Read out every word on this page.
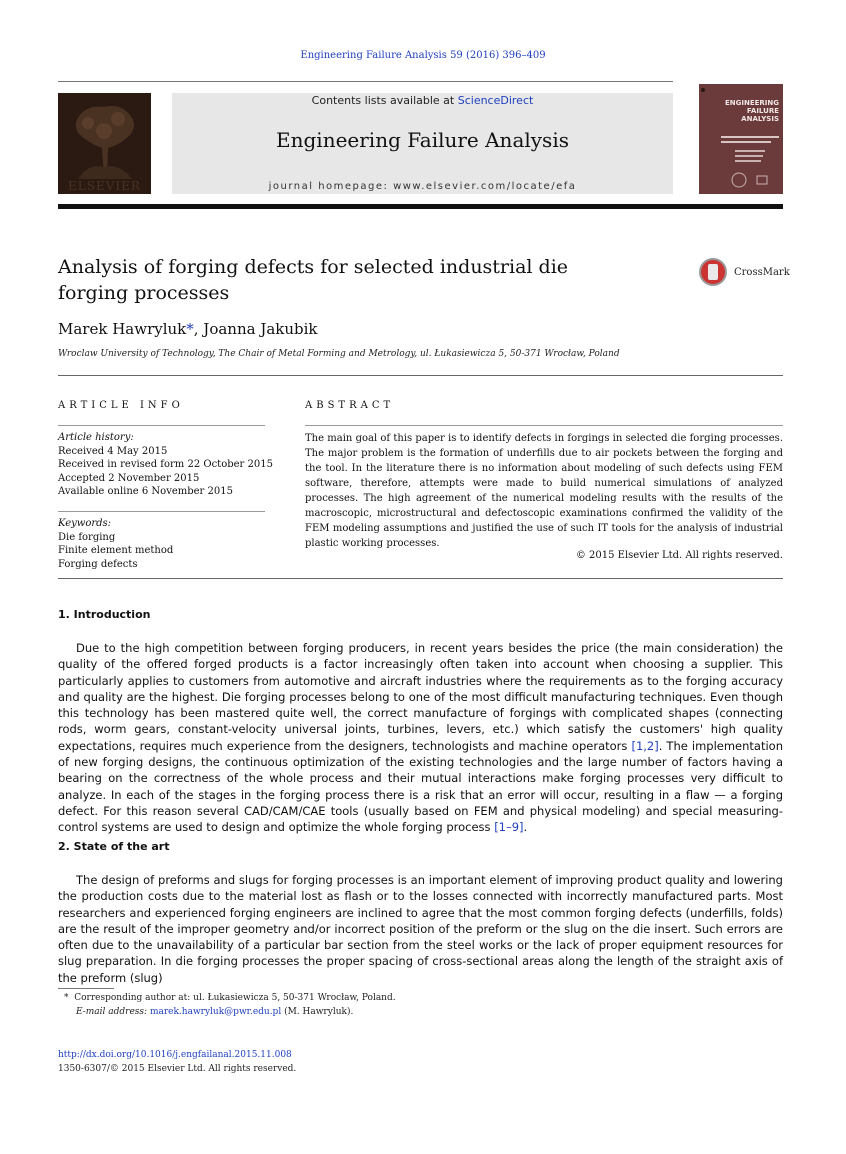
Engineering Failure Analysis 59 (2016) 396–409
ELSEVIER
Contents lists available at ScienceDirect
Engineering Failure Analysis
journal homepage: www.elsevier.com/locate/efa
ENGINEERING FAILURE ANALYSIS
Analysis of forging defects for selected industrial die forging processes
CrossMark
Marek Hawryluk*, Joanna Jakubik
Wroclaw University of Technology, The Chair of Metal Forming and Metrology, ul. Łukasiewicza 5, 50-371 Wrocław, Poland
ARTICLE INFO
Article history:
Received 4 May 2015
Received in revised form 22 October 2015
Accepted 2 November 2015
Available online 6 November 2015
Keywords:
Die forging
Finite element method
Forging defects
ABSTRACT
The main goal of this paper is to identify defects in forgings in selected die forging processes. The major problem is the formation of underfills due to air pockets between the forging and the tool. In the literature there is no information about modeling of such defects using FEM software, therefore, attempts were made to build numerical simulations of analyzed processes. The high agreement of the numerical modeling results with the results of the macroscopic, microstructural and defectoscopic examinations confirmed the validity of the FEM modeling assumptions and justified the use of such IT tools for the analysis of industrial plastic working processes.
© 2015 Elsevier Ltd. All rights reserved.
1. Introduction
Due to the high competition between forging producers, in recent years besides the price (the main consideration) the quality of the offered forged products is a factor increasingly often taken into account when choosing a supplier. This particularly applies to customers from automotive and aircraft industries where the requirements as to the forging accuracy and quality are the highest. Die forging processes belong to one of the most difficult manufacturing techniques. Even though this technology has been mastered quite well, the correct manufacture of forgings with complicated shapes (connecting rods, worm gears, constant-velocity universal joints, turbines, levers, etc.) which satisfy the customers' high quality expectations, requires much experience from the designers, technologists and machine operators [1,2]. The implementation of new forging designs, the continuous optimization of the existing technologies and the large number of factors having a bearing on the correctness of the whole process and their mutual interactions make forging processes very difficult to analyze. In each of the stages in the forging process there is a risk that an error will occur, resulting in a flaw — a forging defect. For this reason several CAD/CAM/CAE tools (usually based on FEM and physical modeling) and special measuring-control systems are used to design and optimize the whole forging process [1–9].
2. State of the art
The design of preforms and slugs for forging processes is an important element of improving product quality and lowering the production costs due to the material lost as flash or to the losses connected with incorrectly manufactured parts. Most researchers and experienced forging engineers are inclined to agree that the most common forging defects (underfills, folds) are the result of the improper geometry and/or incorrect position of the preform or the slug on the die insert. Such errors are often due to the unavailability of a particular bar section from the steel works or the lack of proper equipment resources for slug preparation. In die forging processes the proper spacing of cross-sectional areas along the length of the straight axis of the preform (slug)
* Corresponding author at: ul. Łukasiewicza 5, 50-371 Wrocław, Poland.
E-mail address: marek.hawryluk@pwr.edu.pl (M. Hawryluk).
http://dx.doi.org/10.1016/j.engfailanal.2015.11.008
1350-6307/© 2015 Elsevier Ltd. All rights reserved.
